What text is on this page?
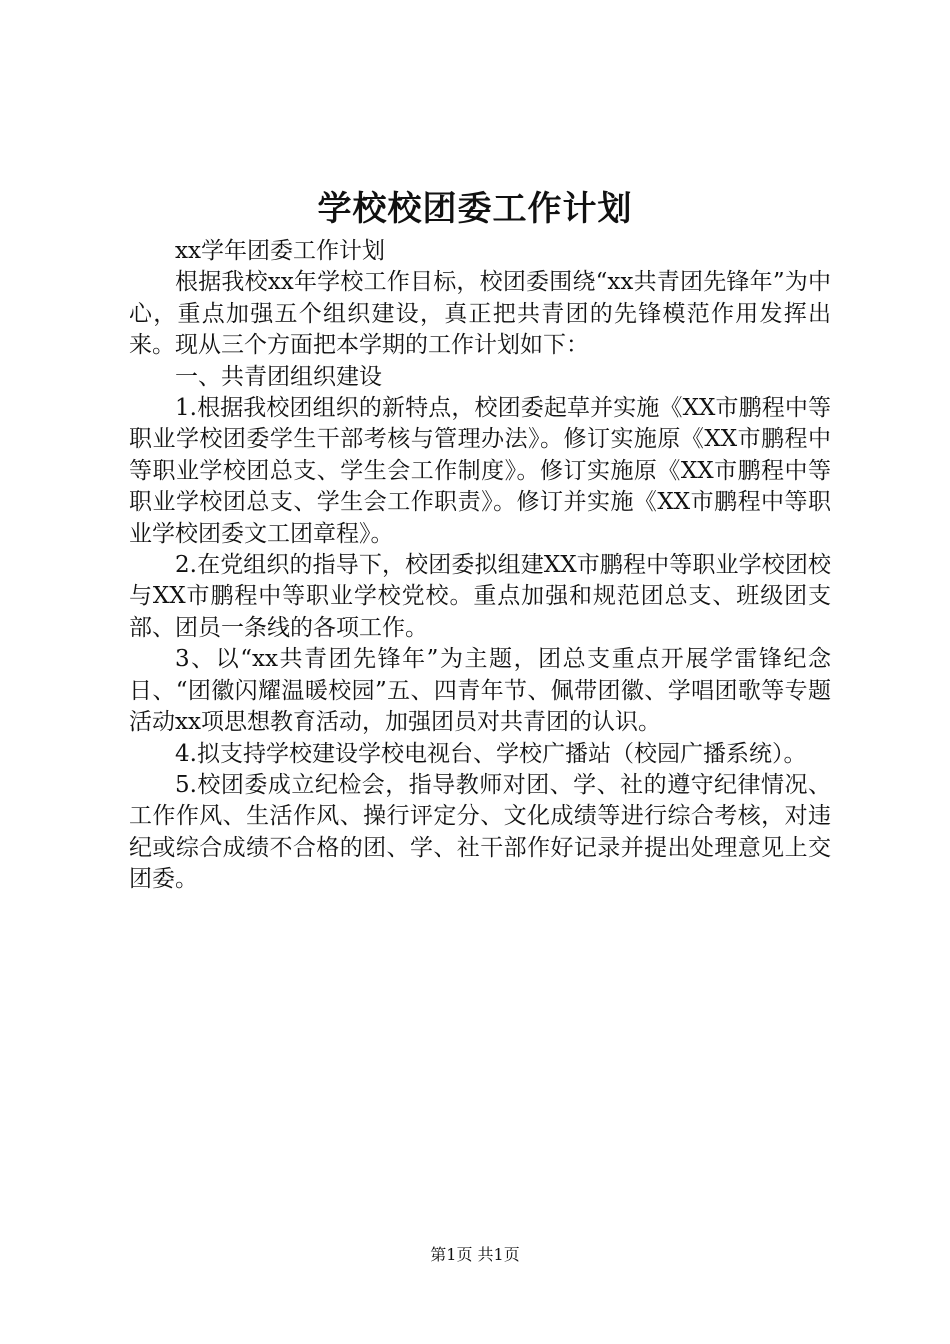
学校校团委工作计划

xx学年团委工作计划

根据我校xx年学校工作目标，校团委围绕“xx共青团先锋年”为中心，重点加强五个组织建设，真正把共青团的先锋模范作用发挥出来。现从三个方面把本学期的工作计划如下：

一、共青团组织建设

1.根据我校团组织的新特点，校团委起草并实施《XX市鹏程中等职业学校团委学生干部考核与管理办法》。修订实施原《XX市鹏程中等职业学校团总支、学生会工作制度》。修订实施原《XX市鹏程中等职业学校团总支、学生会工作职责》。修订并实施《XX市鹏程中等职业学校团委文工团章程》。

2.在党组织的指导下，校团委拟组建XX市鹏程中等职业学校团校与XX市鹏程中等职业学校党校。重点加强和规范团总支、班级团支部、团员一条线的各项工作。

3、以“xx共青团先锋年”为主题，团总支重点开展学雷锋纪念日、“团徽闪耀温暖校园”五、四青年节、佩带团徽、学唱团歌等专题活动xx项思想教育活动，加强团员对共青团的认识。

4.拟支持学校建设学校电视台、学校广播站（校园广播系统）。

5.校团委成立纪检会，指导教师对团、学、社的遵守纪律情况、工作作风、生活作风、操行评定分、文化成绩等进行综合考核，对违纪或综合成绩不合格的团、学、社干部作好记录并提出处理意见上交团委。

第1页 共1页
